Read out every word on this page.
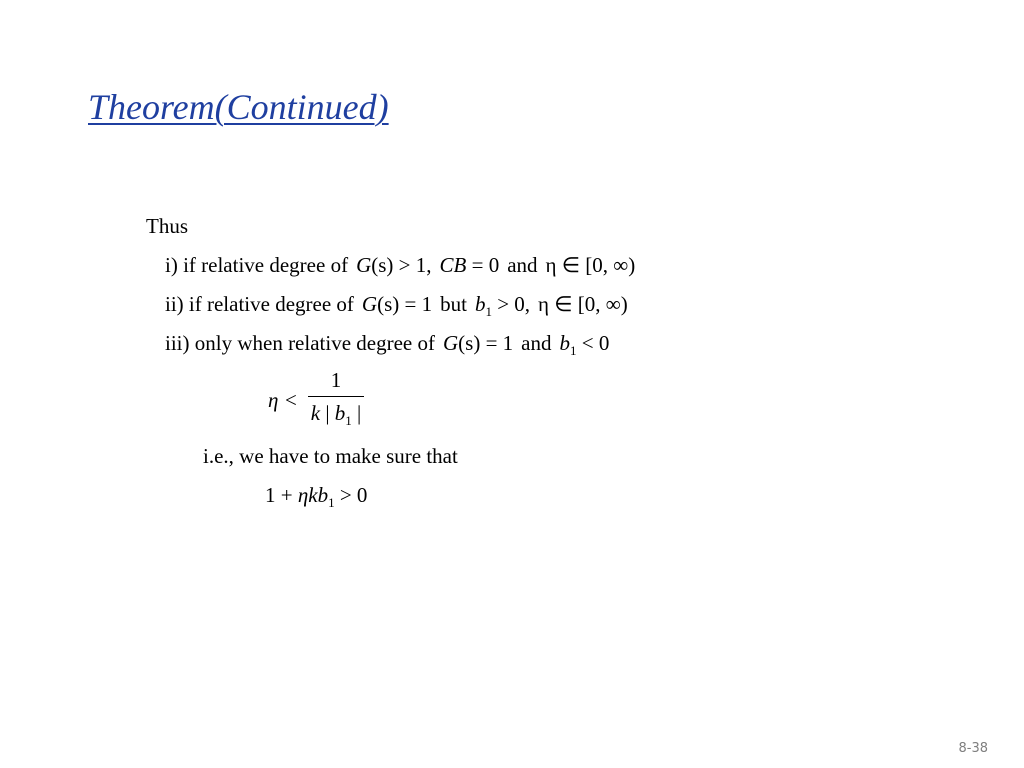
Theorem(Continued)
Thus
i) if relative degree of G(s) > 1, CB = 0 and η ∈ [0, ∞)
ii) if relative degree of G(s) = 1 but $b_1 > 0$, η ∈ [0, ∞)
iii) only when relative degree of G(s) = 1 and $b_1 < 0$
η <
1
k | $b_1$ |
i.e., we have to make sure that
1 + ηkb$_1$ > 0
8-38
